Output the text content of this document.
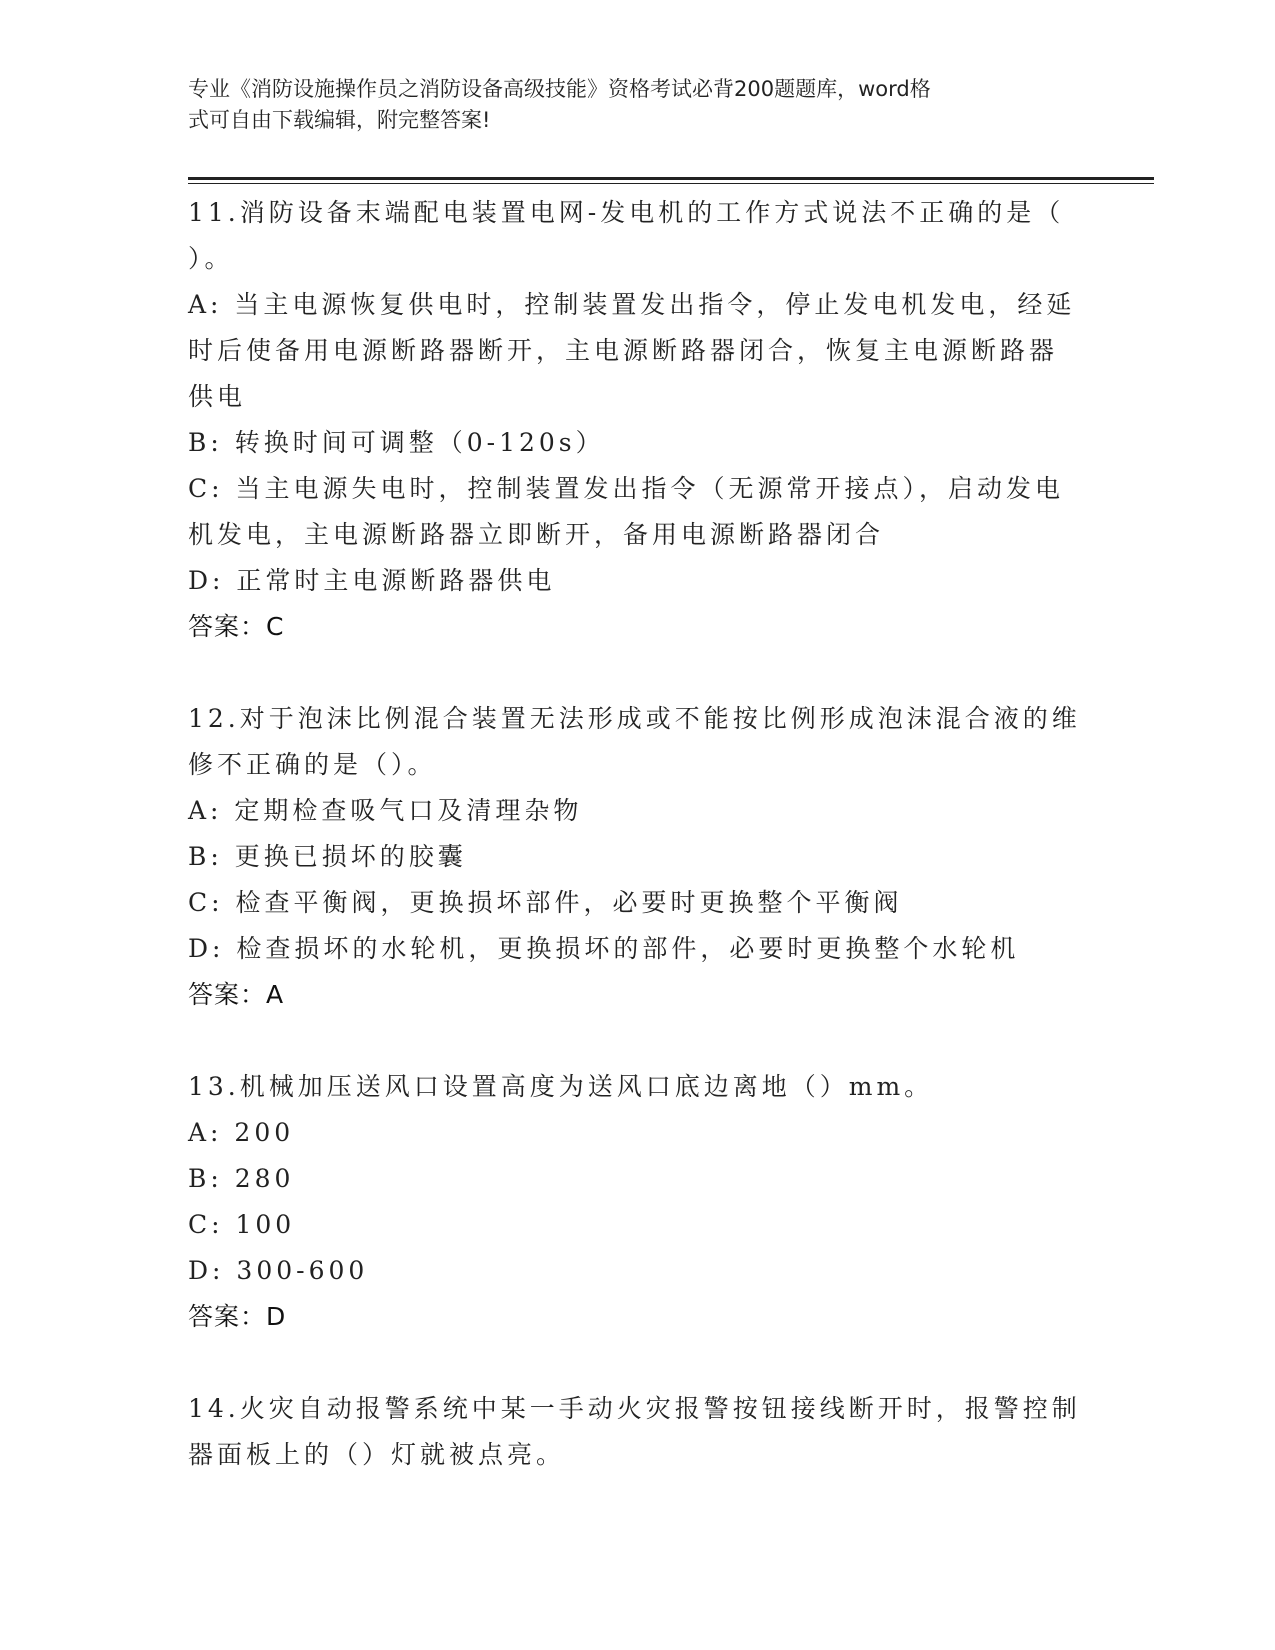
专业《消防设施操作员之消防设备高级技能》资格考试必背200题题库，word格
式可自由下载编辑，附完整答案!
11.消防设备末端配电装置电网-发电机的工作方式说法不正确的是（
）。
A: 当主电源恢复供电时，控制装置发出指令，停止发电机发电，经延
时后使备用电源断路器断开，主电源断路器闭合，恢复主电源断路器
供电
B: 转换时间可调整（0-120s）
C: 当主电源失电时，控制装置发出指令（无源常开接点），启动发电
机发电，主电源断路器立即断开，备用电源断路器闭合
D: 正常时主电源断路器供电
答案：C
12.对于泡沫比例混合装置无法形成或不能按比例形成泡沫混合液的维
修不正确的是（）。
A: 定期检查吸气口及清理杂物
B: 更换已损坏的胶囊
C: 检查平衡阀，更换损坏部件，必要时更换整个平衡阀
D: 检查损坏的水轮机，更换损坏的部件，必要时更换整个水轮机
答案：A
13.机械加压送风口设置高度为送风口底边离地（）mm。
A: 200
B: 280
C: 100
D: 300-600
答案：D
14.火灾自动报警系统中某一手动火灾报警按钮接线断开时，报警控制
器面板上的（）灯就被点亮。
